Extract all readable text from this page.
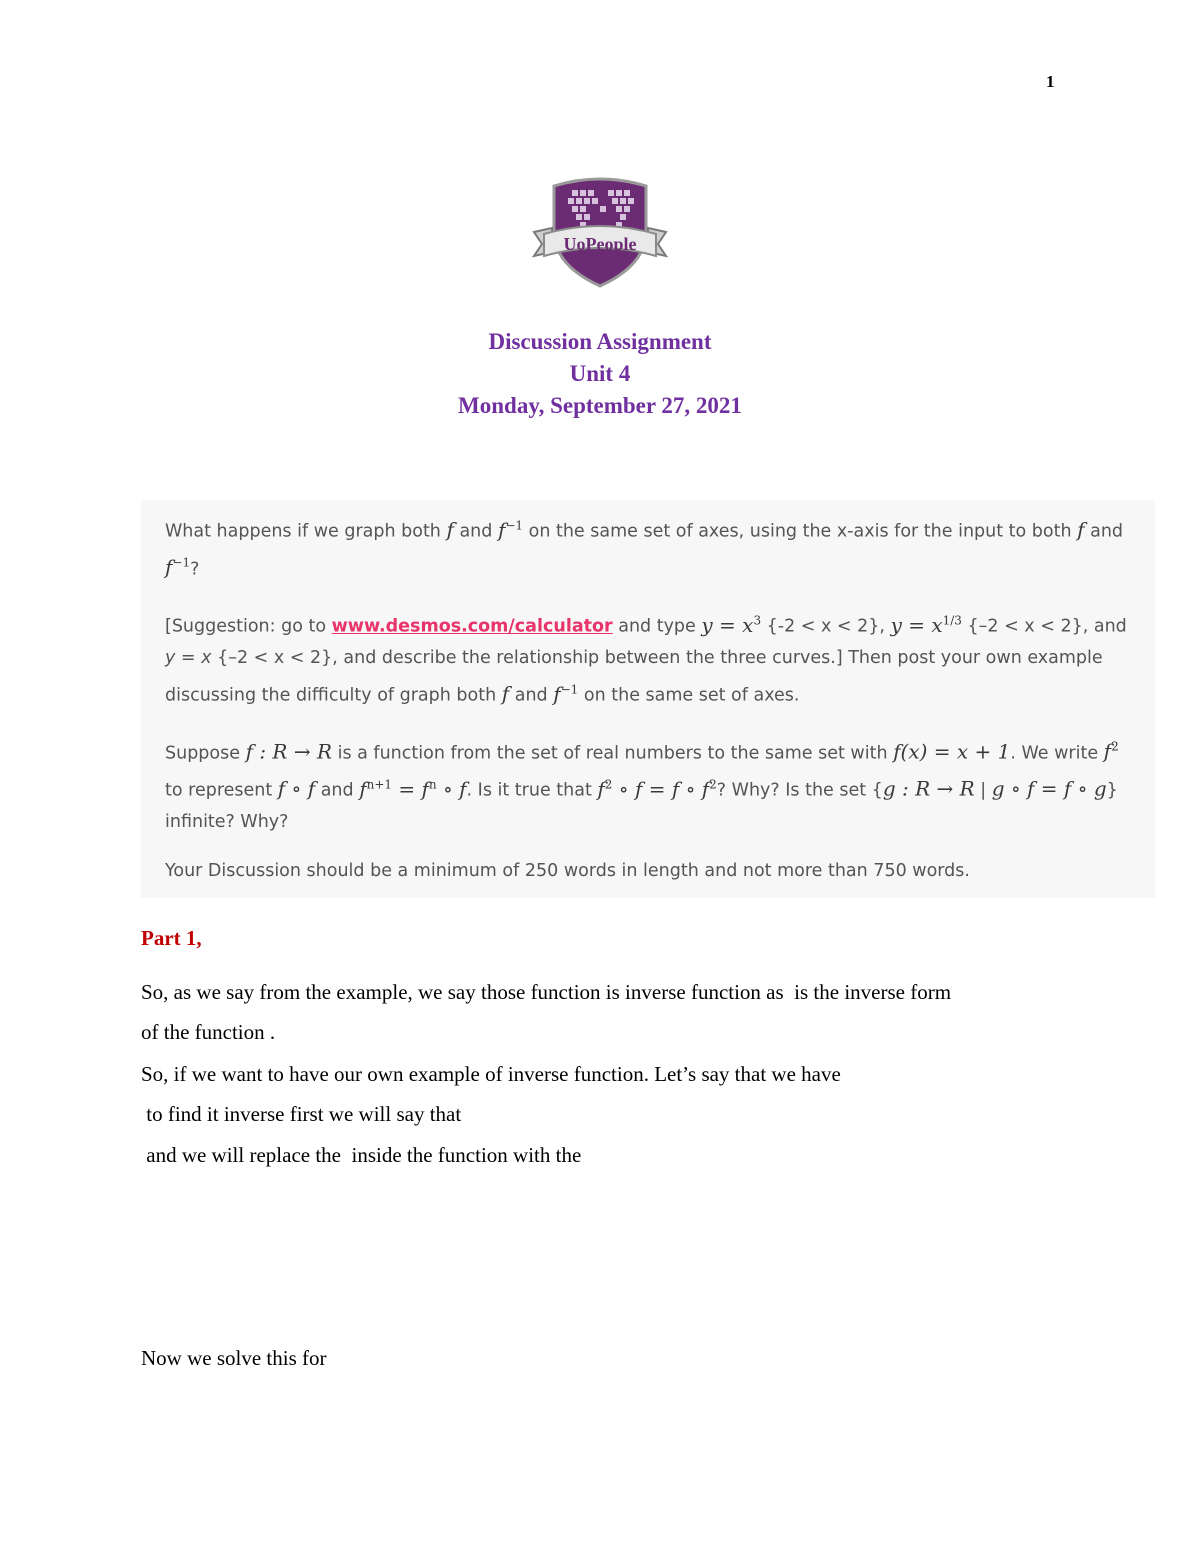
1
UoPeople
Discussion Assignment
Unit 4
Monday, September 27, 2021

What happens if we graph both f and $f^{-1}$ on the same set of axes, using the x-axis for the input to both f and $f^{-1}$?

[Suggestion: go to www.desmos.com/calculator and type $y = x^3$ {-2 < x < 2}, $y = x^{1/3}$ {–2 < x < 2}, and y = x {–2 < x < 2}, and describe the relationship between the three curves.] Then post your own example discussing the difficulty of graph both f and $f^{-1}$ on the same set of axes.

Suppose f : R → R is a function from the set of real numbers to the same set with f(x) = x + 1. We write $f^2$ to represent f ∘ f and $f^{n+1} = f^n$ ∘ f. Is it true that $f^2$ ∘ f = f ∘ $f^2$? Why? Is the set {g : R → R | g ∘ f = f ∘ g} infinite? Why?

Your Discussion should be a minimum of 250 words in length and not more than 750 words.

Part 1,
So, as we say from the example, we say those function is inverse function as  is the inverse form
of the function .
So, if we want to have our own example of inverse function. Let’s say that we have
to find it inverse first we will say that
and we will replace the  inside the function with the
Now we solve this for
